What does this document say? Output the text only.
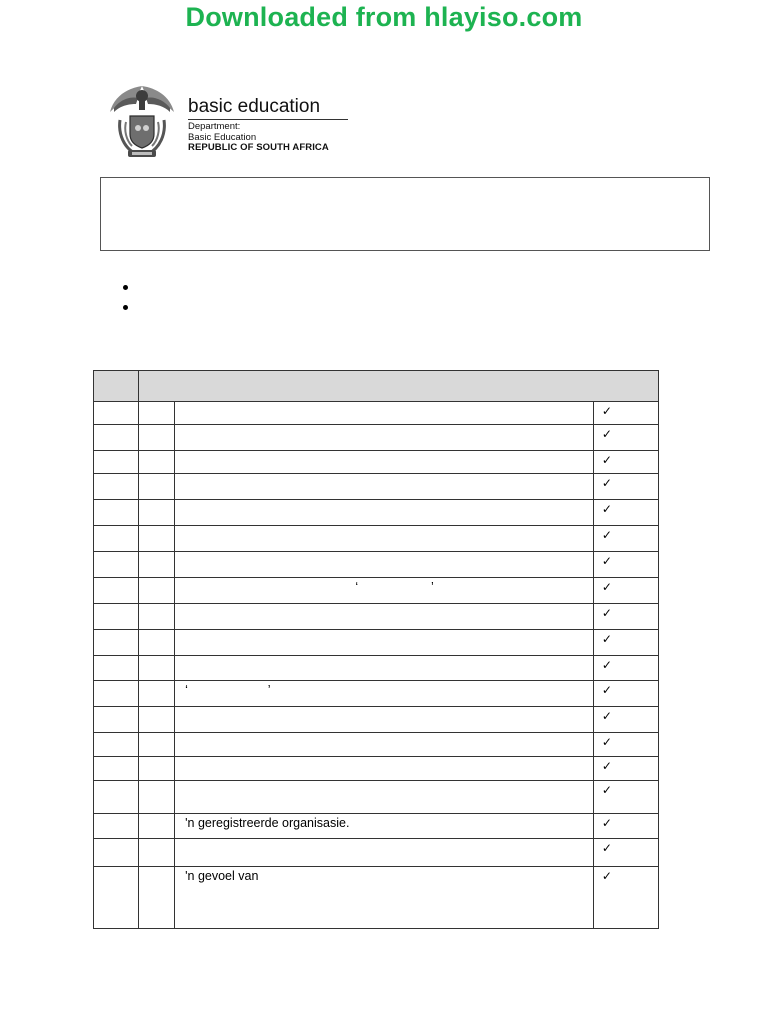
Downloaded from hlayiso.com
basic education
Department:
Basic Education
REPUBLIC OF SOUTH AFRICA

			✓

			✓

			✓

			✓

			✓

			✓

			✓

		‘                     ’	✓

			✓

			✓

			✓

		‘                       ’	✓

			✓

			✓

			✓

			✓

		'n geregistreerde organisasie.	✓

			✓

		'n gevoel van	✓
